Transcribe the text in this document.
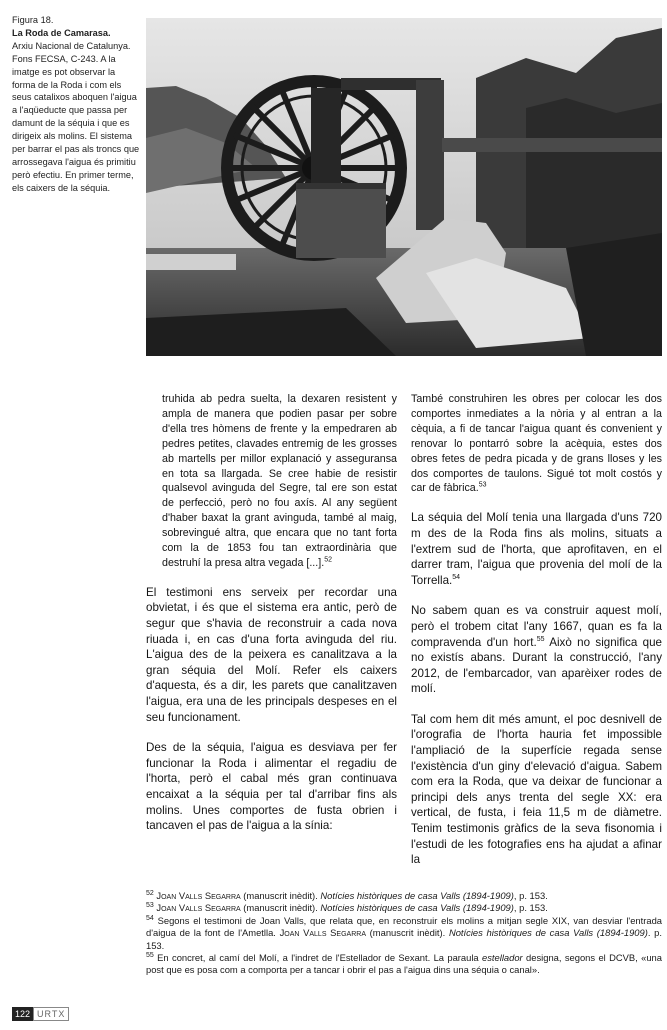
Figura 18.
La Roda de Camarasa.
Arxiu Nacional de Catalunya. Fons FECSA, C-243. A la imatge es pot observar la forma de la Roda i com els seus catalixos aboquen l'aigua a l'aqüeducte que passa per damunt de la séquia i que es dirigeix als molins. El sistema per barrar el pas als troncs que arrossegava l'aigua és primitiu però efectiu. En primer terme, els caixers de la séquia.

truhida ab pedra suelta, la dexaren resistent y ampla de manera que podien pasar per sobre d'ella tres hòmens de frente y la empedraren ab pedres petites, clavades entremig de les grosses ab martells per millor explanació y asseguransa en tota sa llargada. Se cree habie de resistir qualsevol avinguda del Segre, tal ere son estat de perfecció, però no fou axís. Al any següent d'haber baxat la grant avinguda, també al maig, sobrevingué altra, que encara que no tant forta com la de 1853 fou tan extraordinària que destruhí la presa altra vegada [...].$^{52}$

El testimoni ens serveix per recordar una obvietat, i és que el sistema era antic, però de segur que s'havia de reconstruir a cada nova riuada i, en cas d'una forta avinguda del riu. L'aigua des de la peixera es canalitzava a la gran séquia del Molí. Refer els caixers d'aquesta, és a dir, les parets que canalitzaven l'aigua, era una de les principals despeses en el seu funcionament.

Des de la séquia, l'aigua es desviava per fer funcionar la Roda i alimentar el regadiu de l'horta, però el cabal més gran continuava encaixat a la séquia per tal d'arribar fins als molins. Unes comportes de fusta obrien i tancaven el pas de l'aigua a la sínia:

També construhiren les obres per colocar les dos comportes inmediates a la nòria y al entran a la cèquia, a fi de tancar l'aigua quant és convenient y renovar lo pontarró sobre la acèquia, estes dos obres fetes de pedra picada y de grans lloses y les dos comportes de taulons. Sigué tot molt costós y car de fàbrica.$^{53}$

La séquia del Molí tenia una llargada d'uns 720 m des de la Roda fins als molins, situats a l'extrem sud de l'horta, que aprofitaven, en el darrer tram, l'aigua que provenia del molí de la Torrella.$^{54}$

No sabem quan es va construir aquest molí, però el trobem citat l'any 1667, quan es fa la compravenda d'un hort.$^{55}$ Això no significa que no existís abans. Durant la construcció, l'any 2012, de l'embarcador, van aparèixer rodes de molí.

Tal com hem dit més amunt, el poc desnivell de l'orografia de l'horta hauria fet impossible l'ampliació de la superfície regada sense l'existència d'un giny d'elevació d'aigua. Sabem com era la Roda, que va deixar de funcionar a principi dels anys trenta del segle XX: era vertical, de fusta, i feia 11,5 m de diàmetre. Tenim testimonis gràfics de la seva fisonomia i l'estudi de les fotografies ens ha ajudat a afinar la

$^{52}$ Joan Valls Segarra (manuscrit inèdit). Notícies històriques de casa Valls (1894-1909), p. 153.

$^{53}$ Joan Valls Segarra (manuscrit inèdit). Notícies històriques de casa Valls (1894-1909), p. 153.

$^{54}$ Segons el testimoni de Joan Valls, que relata que, en reconstruir els molins a mitjan segle XIX, van desviar l'entrada d'aigua de la font de l'Ametlla. Joan Valls Segarra (manuscrit inèdit). Notícies històriques de casa Valls (1894-1909). p. 153.

$^{55}$ En concret, al camí del Molí, a l'indret de l'Estellador de Sexant. La paraula estellador designa, segons el DCVB, «una post que es posa com a comporta per a tancar i obrir el pas a l'aigua dins una séquia o canal».

122 URTX
